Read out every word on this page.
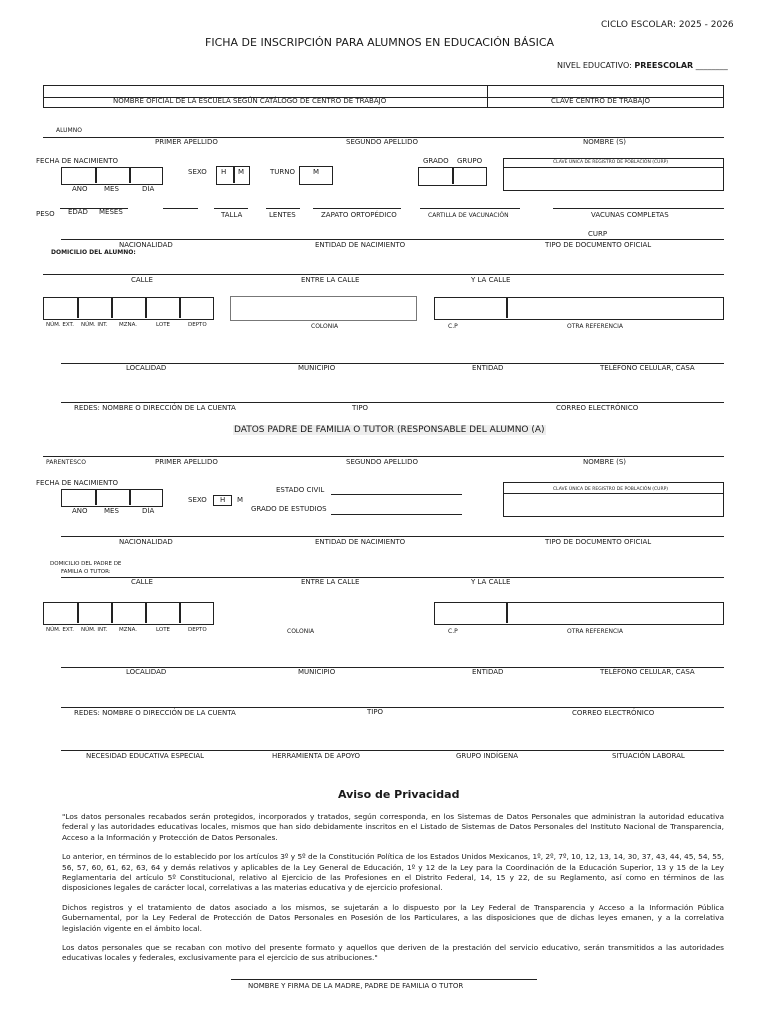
CICLO ESCOLAR: 2025 - 2026
FICHA DE INSCRIPCIÓN PARA ALUMNOS EN EDUCACIÓN BÁSICA
NIVEL EDUCATIVO: PREESCOLAR ________
NOMBRE OFICIAL DE LA ESCUELA SEGÚN CATÁLOGO DE CENTRO DE TRABAJO	CLAVE CENTRO DE TRABAJO
ALUMNO
PRIMER APELLIDO	SEGUNDO APELLIDO	NOMBRE (S)
FECHA DE NACIMIENTO
AÑO MES	DÍA
SEXO H M	TURNO	M
GRADO GRUPO	CLAVE ÚNICA DE REGISTRO DE POBLACIÓN (CURP)
PESO EDAD MESES	TALLA	LENTES	ZAPATO ORTOPÉDICO	CARTILLA DE VACUNACIÓN	VACUNAS COMPLETAS
CURP
NACIONALIDAD	ENTIDAD DE NACIMIENTO	TIPO DE DOCUMENTO OFICIAL
DOMICILIO DEL ALUMNO:
CALLE	ENTRE LA CALLE	Y LA CALLE
NÚM. EXT. NÚM. INT. MZNA.	LOTE	DEPTO	COLONIA	C.P	OTRA REFERENCIA
LOCALIDAD	MUNICIPIO	ENTIDAD	TELÉFONO CELULAR, CASA
REDES: NOMBRE O DIRECCIÓN DE LA CUENTA	TIPO	CORREO ELECTRÓNICO
DATOS PADRE DE FAMILIA O TUTOR (RESPONSABLE DEL ALUMNO (A)
PARENTESCO	PRIMER APELLIDO	SEGUNDO APELLIDO	NOMBRE (S)
FECHA DE NACIMIENTO
AÑO MES	DÍA
SEXO H M
ESTADO CIVIL
GRADO DE ESTUDIOS
CLAVE ÚNICA DE REGISTRO DE POBLACIÓN (CURP)
NACIONALIDAD	ENTIDAD DE NACIMIENTO	TIPO DE DOCUMENTO OFICIAL
DOMICILIO DEL PADRE DE
FAMILIA O TUTOR:
CALLE	ENTRE LA CALLE	Y LA CALLE
NÚM. EXT. NÚM. INT. MZNA.	LOTE	DEPTO	COLONIA	C.P	OTRA REFERENCIA
LOCALIDAD	MUNICIPIO	ENTIDAD	TELÉFONO CELULAR, CASA
REDES: NOMBRE O DIRECCIÓN DE LA CUENTA	TIPO	CORREO ELECTRÓNICO
NECESIDAD EDUCATIVA ESPECIAL	HERRAMIENTA DE APOYO	GRUPO INDÍGENA	SITUACIÓN LABORAL
Aviso de Privacidad

"Los datos personales recabados serán protegidos, incorporados y tratados, según corresponda, en los Sistemas de Datos Personales que administran la autoridad educativa federal y las autoridades educativas locales, mismos que han sido debidamente inscritos en el Listado de Sistemas de Datos Personales del Instituto Nacional de Transparencia, Acceso a la Información y Protección de Datos Personales.

Lo anterior, en términos de lo establecido por los artículos 3º y 5º de la Constitución Política de los Estados Unidos Mexicanos, 1º, 2º, 7º, 10, 12, 13, 14, 30, 37, 43, 44, 45, 54, 55, 56, 57, 60, 61, 62, 63, 64 y demás relativos y aplicables de la Ley General de Educación, 1º y 12 de la Ley para la Coordinación de la Educación Superior, 13 y 15 de la Ley Reglamentaria del artículo 5º Constitucional, relativo al Ejercicio de las Profesiones en el Distrito Federal, 14, 15 y 22, de su Reglamento, así como en términos de las disposiciones legales de carácter local, correlativas a las materias educativa y de ejercicio profesional.

Dichos registros y el tratamiento de datos asociado a los mismos, se sujetarán a lo dispuesto por la Ley Federal de Transparencia y Acceso a la Información Pública Gubernamental, por la Ley Federal de Protección de Datos Personales en Posesión de los Particulares, a las disposiciones que de dichas leyes emanen, y a la correlativa legislación vigente en el ámbito local.

Los datos personales que se recaban con motivo del presente formato y aquellos que deriven de la prestación del servicio educativo, serán transmitidos a las autoridades educativas locales y federales, exclusivamente para el ejercicio de sus atribuciones."

NOMBRE Y FIRMA DE LA MADRE, PADRE DE FAMILIA O TUTOR
